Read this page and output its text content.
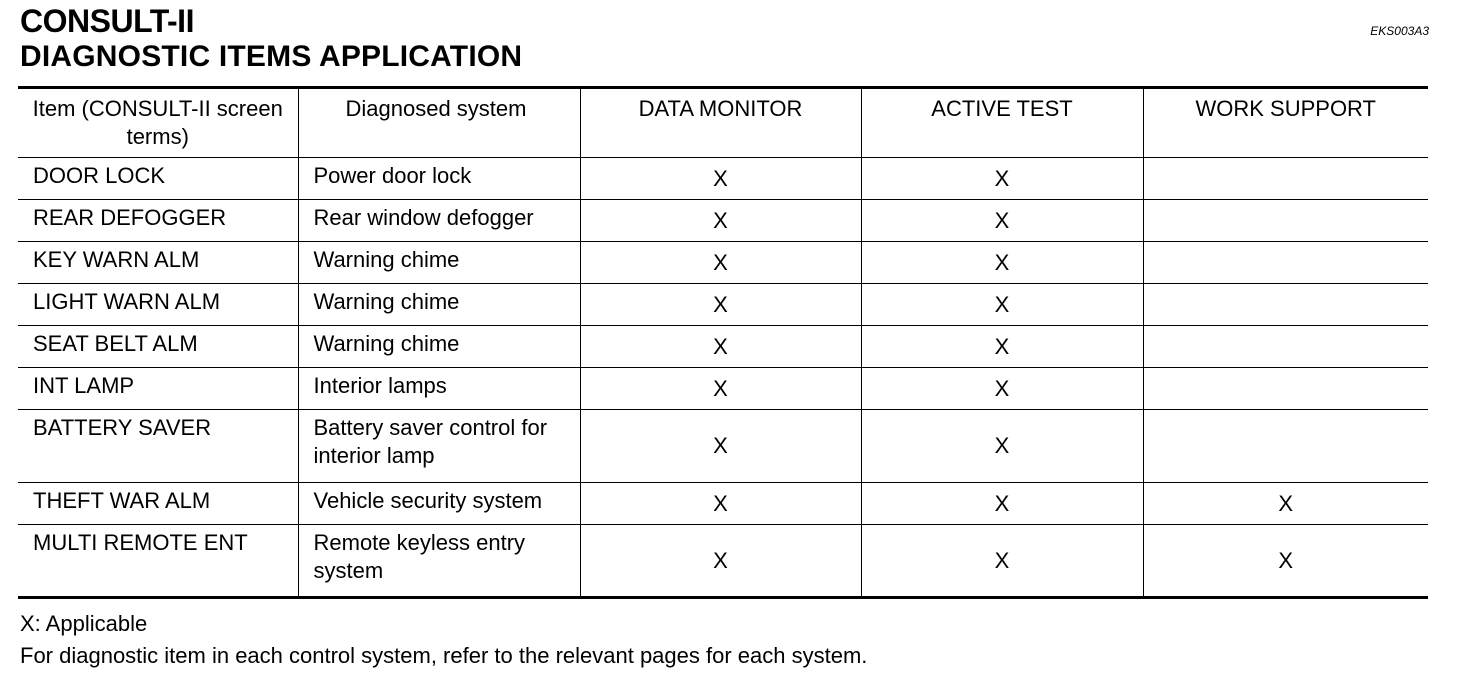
CONSULT-II
DIAGNOSTIC ITEMS APPLICATION
EKS003A3
Item (CONSULT-II screen terms)	Diagnosed system	DATA MONITOR	ACTIVE TEST	WORK SUPPORT
DOOR LOCK	Power door lock	X	X	
REAR DEFOGGER	Rear window defogger	X	X	
KEY WARN ALM	Warning chime	X	X	
LIGHT WARN ALM	Warning chime	X	X	
SEAT BELT ALM	Warning chime	X	X	
INT LAMP	Interior lamps	X	X	
BATTERY SAVER	Battery saver control for interior lamp	X	X	
THEFT WAR ALM	Vehicle security system	X	X	X
MULTI REMOTE ENT	Remote keyless entry system	X	X	X
X: Applicable
For diagnostic item in each control system, refer to the relevant pages for each system.
